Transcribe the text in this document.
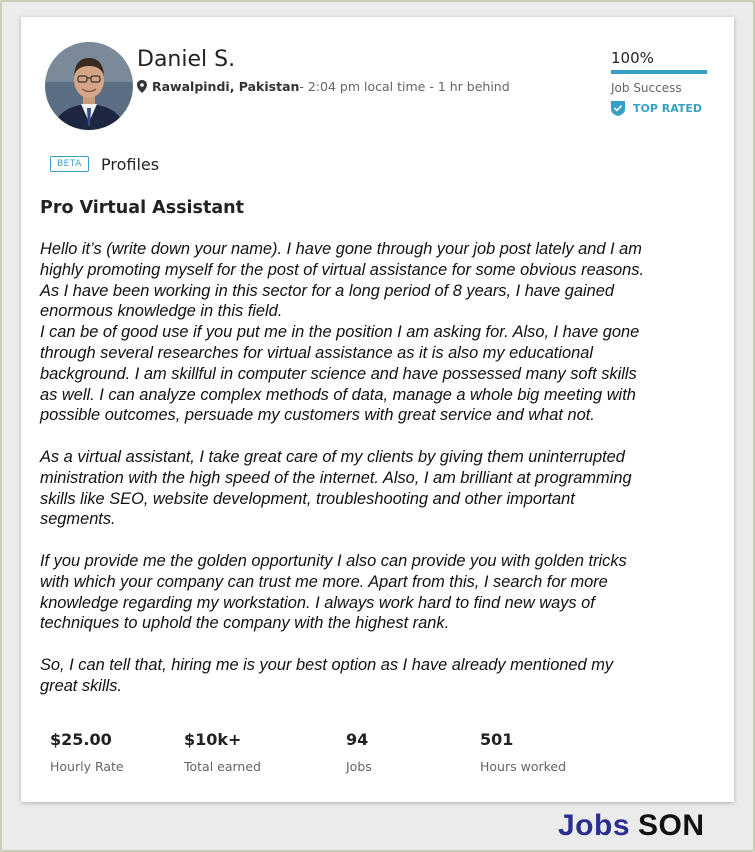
Daniel S.
Rawalpindi, Pakistan - 2:04 pm local time - 1 hr behind
100%
Job Success
TOP RATED
BETA	Profiles
Pro Virtual Assistant

Hello it’s (write down your name). I have gone through your job post lately and I am
highly promoting myself for the post of virtual assistance for some obvious reasons.
As I have been working in this sector for a long period of 8 years, I have gained
enormous knowledge in this field.
I can be of good use if you put me in the position I am asking for. Also, I have gone
through several researches for virtual assistance as it is also my educational
background. I am skillful in computer science and have possessed many soft skills
as well. I can analyze complex methods of data, manage a whole big meeting with
possible outcomes, persuade my customers with great service and what not.

As a virtual assistant, I take great care of my clients by giving them uninterrupted
ministration with the high speed of the internet. Also, I am brilliant at programming
skills like SEO, website development, troubleshooting and other important
segments.

If you provide me the golden opportunity I also can provide you with golden tricks
with which your company can trust me more. Apart from this, I search for more
knowledge regarding my workstation. I always work hard to find new ways of
techniques to uphold the company with the highest rank.

So, I can tell that, hiring me is your best option as I have already mentioned my
great skills.

$25.00
Hourly Rate
$10k+
Total earned
94
Jobs
501
Hours worked
Jobs SON
